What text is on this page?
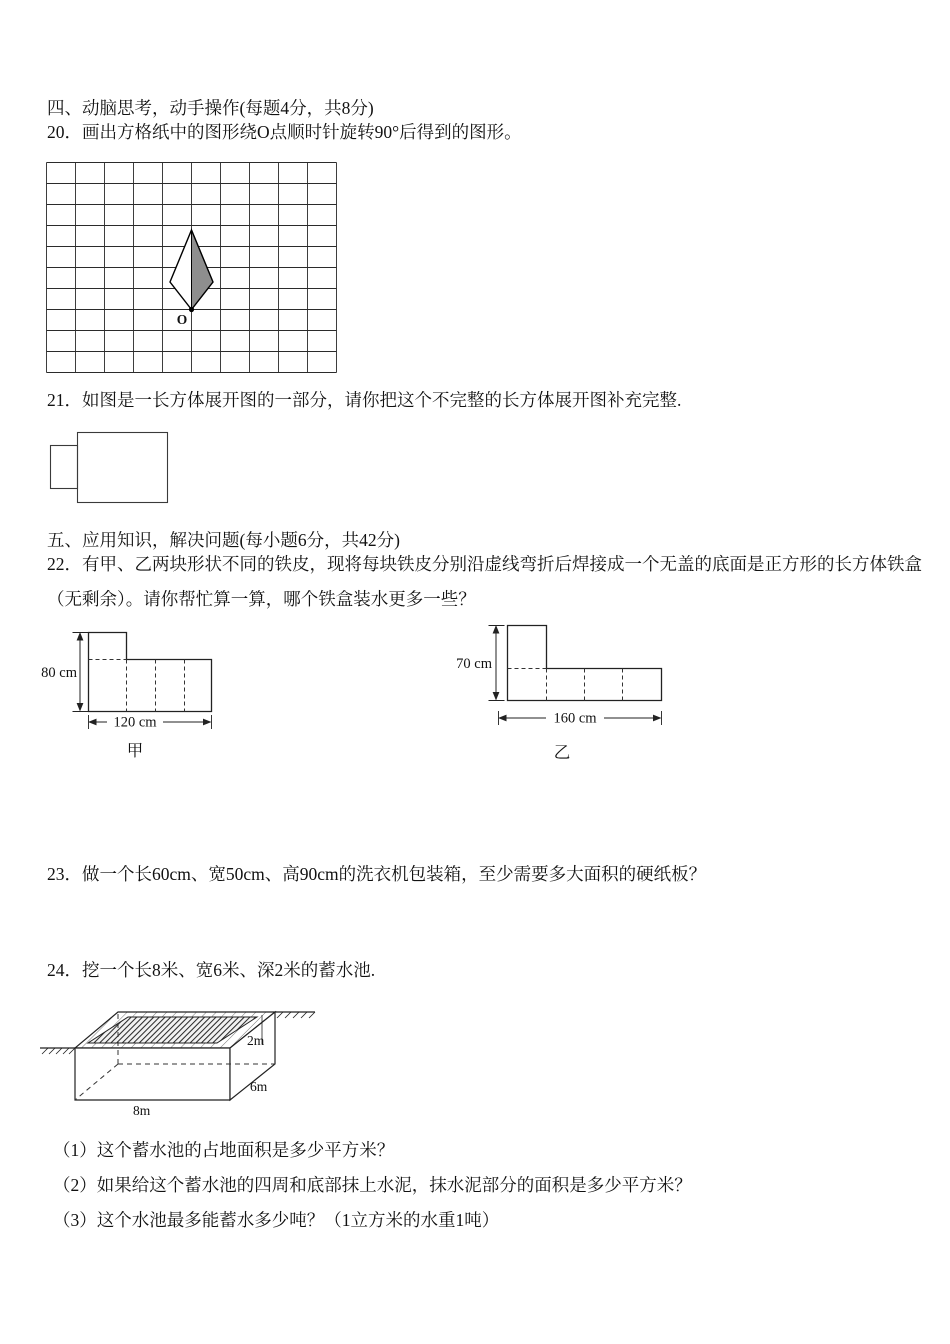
四、动脑思考，动手操作(每题4分，共8分)
20．画出方格纸中的图形绕O点顺时针旋转90°后得到的图形。
O
21．如图是一长方体展开图的一部分，请你把这个不完整的长方体展开图补充完整.
五、应用知识，解决问题(每小题6分，共42分)
22．有甲、乙两块形状不同的铁皮，现将每块铁皮分别沿虚线弯折后焊接成一个无盖的底面是正方形的长方体铁盒
（无剩余）。请你帮忙算一算，哪个铁盒装水更多一些？
80 cm
120 cm
甲
70 cm
160 cm
乙
23．做一个长60cm、宽50cm、高90cm的洗衣机包装箱，至少需要多大面积的硬纸板？
24．挖一个长8米、宽6米、深2米的蓄水池.
2m
6m
8m
（1）这个蓄水池的占地面积是多少平方米？
（2）如果给这个蓄水池的四周和底部抹上水泥，抹水泥部分的面积是多少平方米？
（3）这个水池最多能蓄水多少吨？（1立方米的水重1吨）
